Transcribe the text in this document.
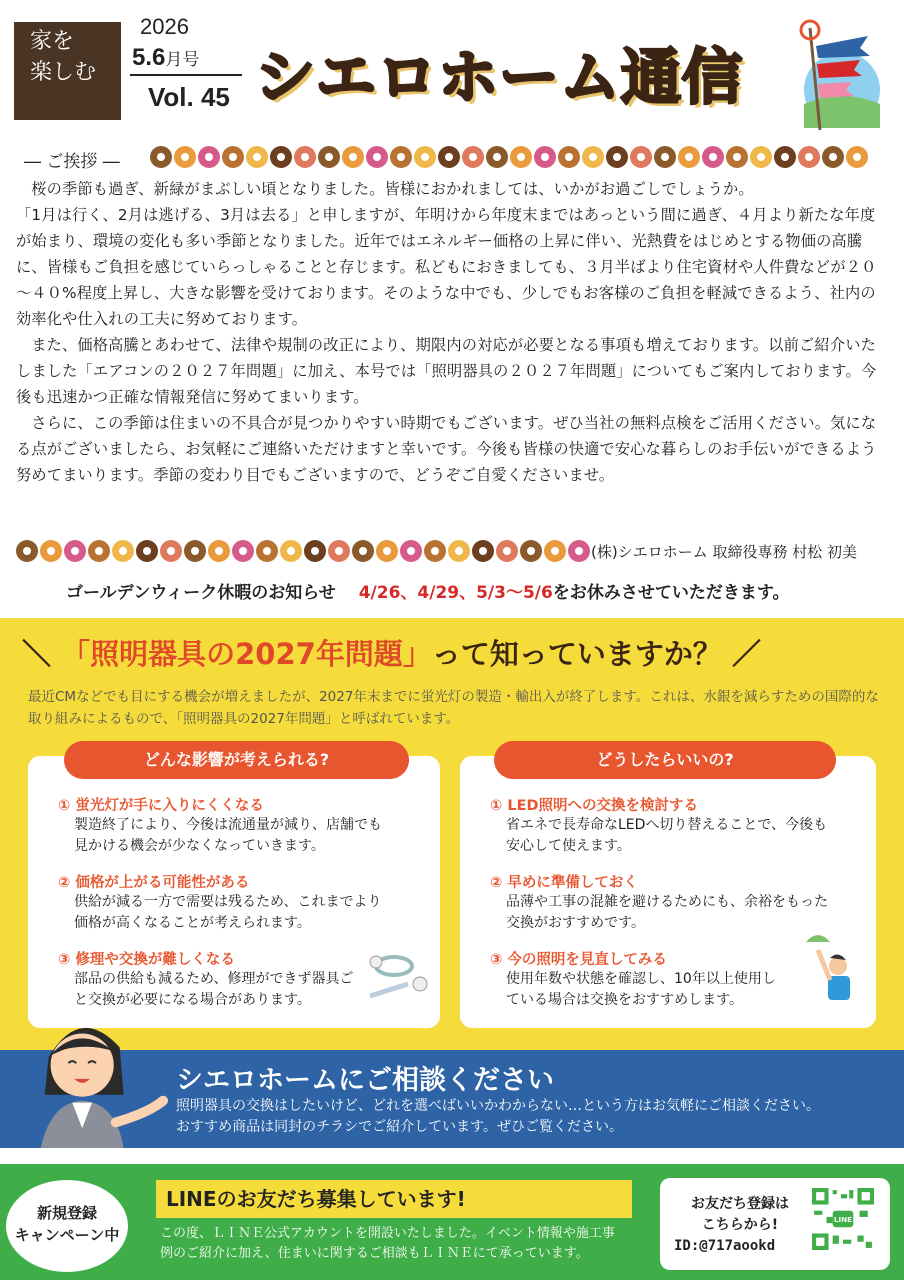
家を
楽しむ
2026
5.6月号
Vol. 45 シエロホーム通信
― ご挨拶 ―

桜の季節も過ぎ、新緑がまぶしい頃となりました。皆様におかれましては、いかがお過ごしでしょうか。

「1月は行く、2月は逃げる、3月は去る」と申しますが、年明けから年度末まではあっという間に過ぎ、４月より新たな年度が始まり、環境の変化も多い季節となりました。近年ではエネルギー価格の上昇に伴い、光熱費をはじめとする物価の高騰に、皆様もご負担を感じていらっしゃることと存じます。私どもにおきましても、３月半ばより住宅資材や人件費などが２０～４０%程度上昇し、大きな影響を受けております。そのような中でも、少しでもお客様のご負担を軽減できるよう、社内の効率化や仕入れの工夫に努めております。

また、価格高騰とあわせて、法律や規制の改正により、期限内の対応が必要となる事項も増えております。以前ご紹介いたしました「エアコンの２０２７年問題」に加え、本号では「照明器具の２０２７年問題」についてもご案内しております。今後も迅速かつ正確な情報発信に努めてまいります。

さらに、この季節は住まいの不具合が見つかりやすい時期でもございます。ぜひ当社の無料点検をご活用ください。気になる点がございましたら、お気軽にご連絡いただけますと幸いです。今後も皆様の快適で安心な暮らしのお手伝いができるよう努めてまいります。季節の変わり目でもございますので、どうぞご自愛くださいませ。

(株)シエロホーム 取締役専務 村松 初美
ゴールデンウィーク休暇のお知らせ　 4/26、4/29、5/3～5/6をお休みさせていただきます。
＼ 「照明器具の2027年問題」って知っていますか？ ／
最近CMなどでも目にする機会が増えましたが、2027年末までに蛍光灯の製造・輸出入が終了します。これは、水銀を減らすための国際的な取り組みによるもので、「照明器具の2027年問題」と呼ばれています。
どんな影響が考えられる?
① 蛍光灯が手に入りにくくなる
製造終了により、今後は流通量が減り、店舗でも見かける機会が少なくなっていきます。
② 価格が上がる可能性がある
供給が減る一方で需要は残るため、これまでより価格が高くなることが考えられます。
③ 修理や交換が難しくなる
部品の供給も減るため、修理ができず器具ごと交換が必要になる場合があります。
どうしたらいいの?
① LED照明への交換を検討する
省エネで長寿命なLEDへ切り替えることで、今後も安心して使えます。
② 早めに準備しておく
品薄や工事の混雑を避けるためにも、余裕をもった交換がおすすめです。
③ 今の照明を見直してみる
使用年数や状態を確認し、10年以上使用している場合は交換をおすすめします。
シエロホームにご相談ください
照明器具の交換はしたいけど、どれを選べばいいかわからない…という方はお気軽にご相談ください。
おすすめ商品は同封のチラシでご紹介しています。ぜひご覧ください。
新規登録
キャンペーン中
LINEのお友だち募集しています!
この度、ＬＩＮＥ公式アカウントを開設いたしました。イベント情報や施工事
例のご紹介に加え、住まいに関するご相談もＬＩＮＥにて承っています。
お友だち登録は
こちらから!
ID:@717aookd
LINE
